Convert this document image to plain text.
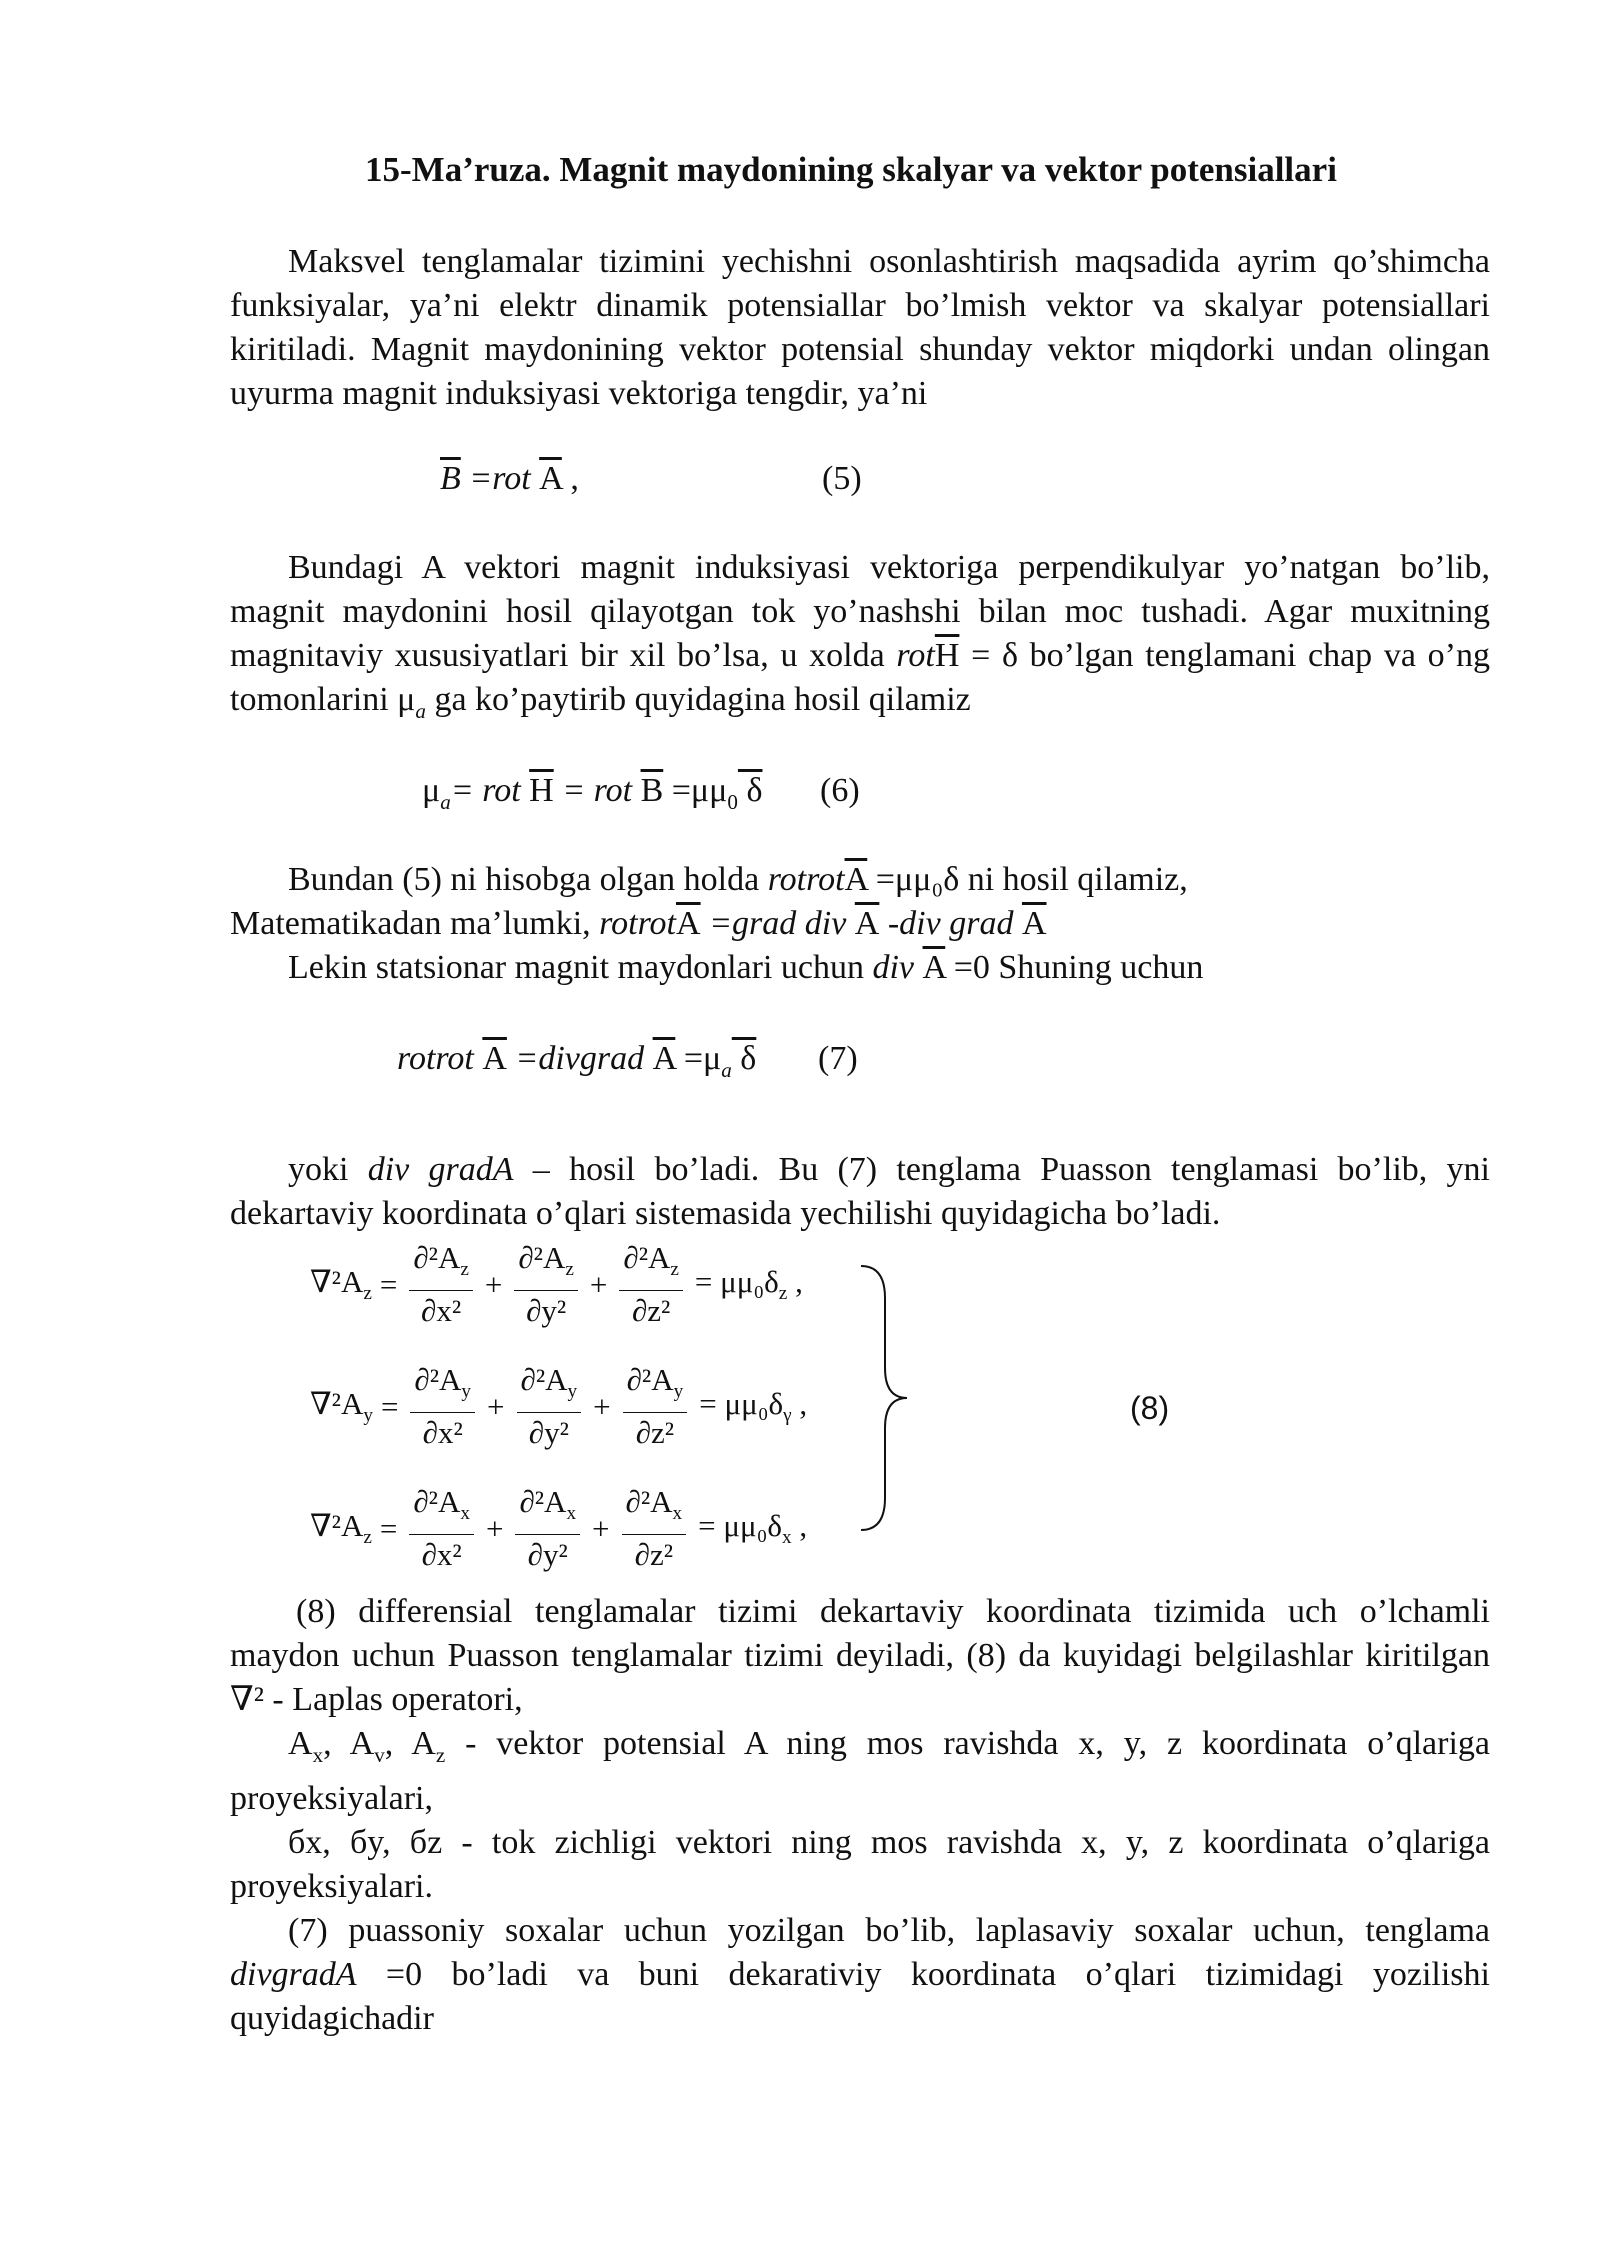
15-Ma’ruza. Magnit maydonining skalyar va vektor potensiallari

Maksvel tenglamalar tizimini yechishni osonlashtirish maqsadida ayrim qo’shimcha funksiyalar, ya’ni elektr dinamik potensiallar bo’lmish vektor va skalyar potensiallari kiritiladi. Magnit maydonining vektor potensial shunday vektor miqdorki undan olingan uyurma magnit induksiyasi vektoriga tengdir, ya’ni

$\overline{B} =rot$ $\overline{A}$ ,	(5)

Bundagi A vektori magnit induksiyasi vektoriga perpendikulyar yo’natgan bo’lib, magnit maydonini hosil qilayotgan tok yo’nashshi bilan moc tushadi. Agar muxitning magnitaviy xususiyatlari bir xil bo’lsa, u xolda $rot\overline{H} = \delta$ bo’lgan tenglamani chap va o’ng tomonlarini $\mu_a$ ga ko’paytirib quyidagina hosil qilamiz

$\mu_a=$ rot $\overline{H}$ = rot $\overline{B} =\mu\mu_0$ δ (6)

Bundan (5) ni hisobga olgan holda $rotrot\overline{A} =\mu\mu_0\delta$ ni hosil qilamiz,

Matematikadan ma’lumki, $rotrot\overline{A}$ =grad div $\overline{A}$ -div grad $\overline{A}$

Lekin statsionar magnit maydonlari uchun div $\overline{A} =0$ Shuning uchun

rotrot $\overline{A}$ =divgrad $\overline{A} =\mu_a$ δ (7)

yoki div gradA – hosil bo’ladi. Bu (7) tenglama Puasson tenglamasi bo’lib, yni dekartaviy koordinata o’qlari sistemasida yechilishi quyidagicha bo’ladi.

$\nabla^2A_z = \frac{\partial^2A_z}{\text{∂x²}} + \frac{\partial^2A_z}{\text{∂y²}} + \frac{\partial^2A_z}{\text{∂z²}} = \mu\mu_0\delta_z$ ,
$\nabla^2A_y = \frac{\partial^2A_y}{\text{∂x²}} + \frac{\partial^2A_y}{\text{∂y²}} + \frac{\partial^2A_y}{\text{∂z²}} = \mu\mu_0\delta_\gamma$ ,
$\nabla^2A_z = \frac{\partial^2A_x}{\text{∂x²}} + \frac{\partial^2A_x}{\text{∂y²}} + \frac{\partial^2A_x}{\text{∂z²}} = \mu\mu_0\delta_x$ ,
(8)

(8) differensial tenglamalar tizimi dekartaviy koordinata tizimida uch o’lchamli maydon uchun Puasson tenglamalar tizimi deyiladi, (8) da kuyidagi belgilashlar kiritilgan ∇² - Laplas operatori,

$A_x$, $A_v$, $A_z$ - vektor potensial A ning mos ravishda x, y, z koordinata o’qlariga proyeksiyalari,

бx, бy, бz - tok zichligi vektori ning mos ravishda x, y, z koordinata o’qlariga proyeksiyalari.

(7) puassoniy soxalar uchun yozilgan bo’lib, laplasaviy soxalar uchun, tenglama divgradA =0 bo’ladi va buni dekarativiy koordinata o’qlari tizimidagi yozilishi quyidagichadir
